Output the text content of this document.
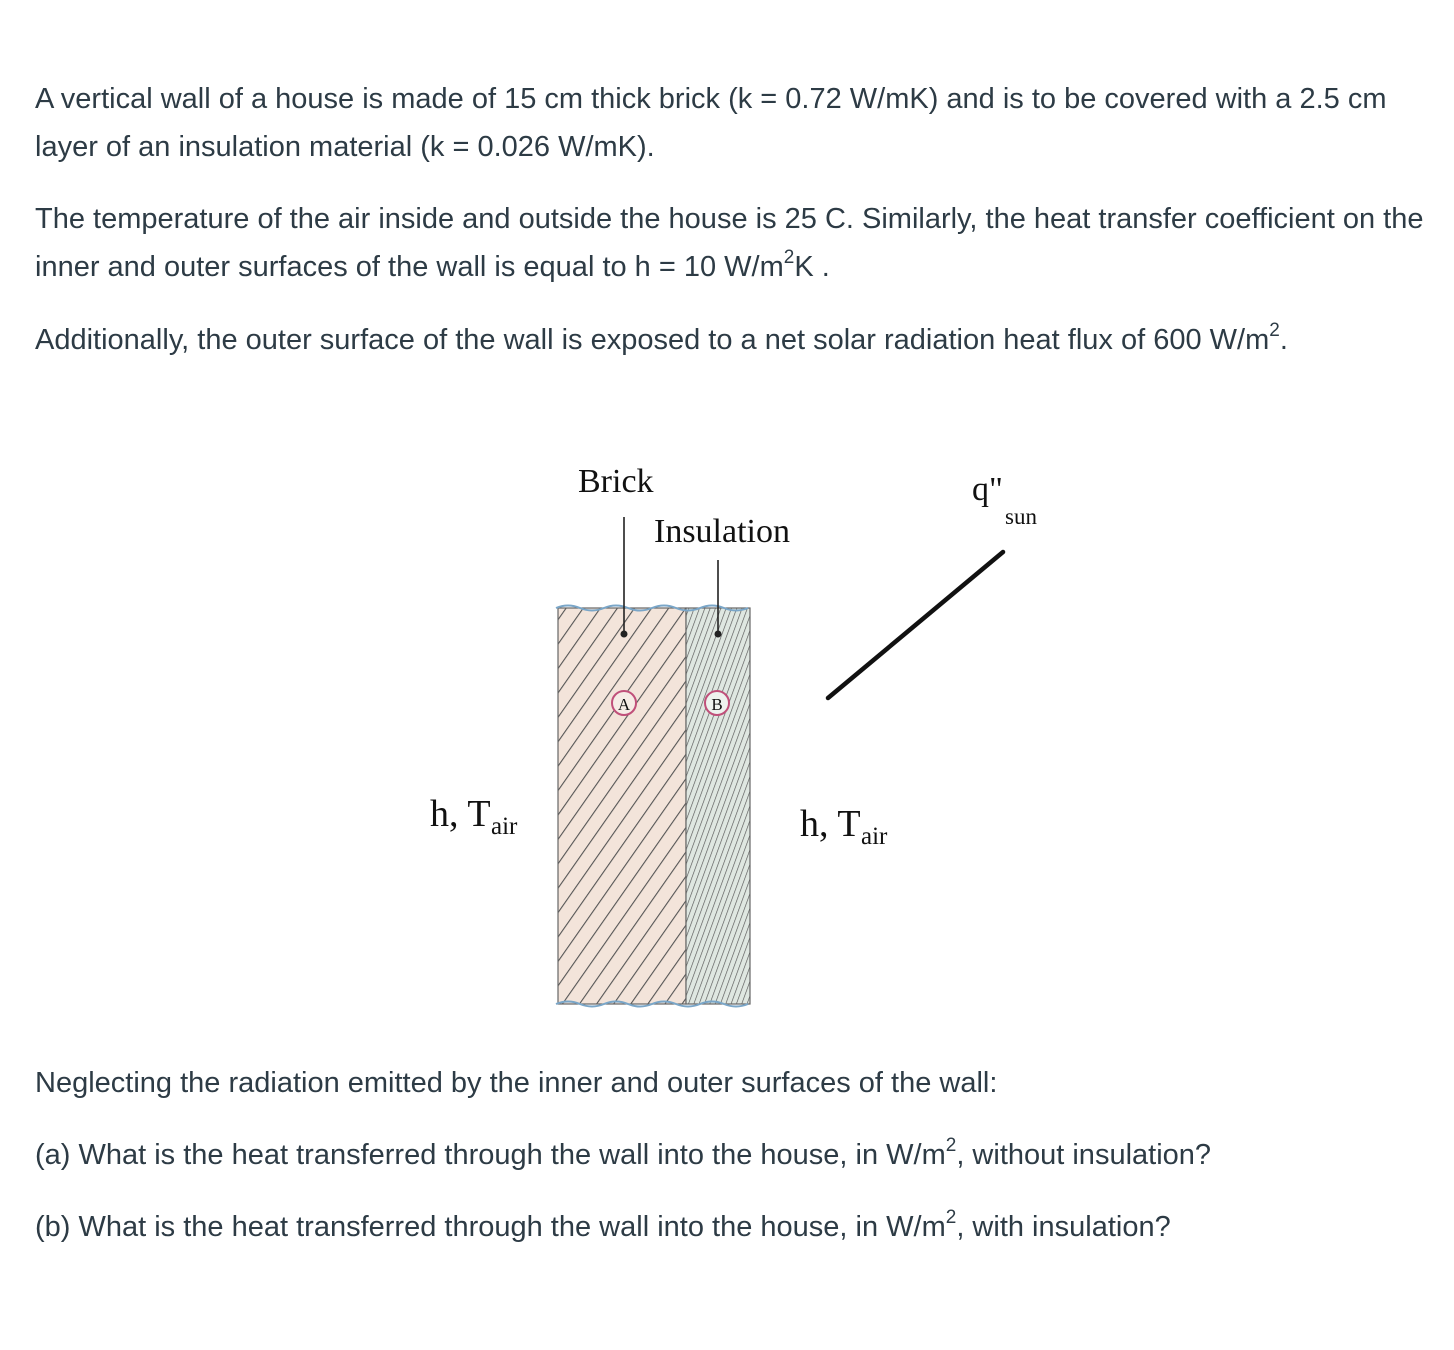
A vertical wall of a house is made of 15 cm thick brick (k = 0.72 W/mK) and is to be covered with a 2.5 cm layer of an insulation material (k = 0.026 W/mK).

The temperature of the air inside and outside the house is 25 C. Similarly, the heat transfer coefficient on the inner and outer surfaces of the wall is equal to h = 10 $W/m^2K$ .

Additionally, the outer surface of the wall is exposed to a net solar radiation heat flux of 600 $W/m^2$.

A	B
Brick
Insulation
q"
sun
h, T air	h, T air

Neglecting the radiation emitted by the inner and outer surfaces of the wall:

(a) What is the heat transferred through the wall into the house, in $W/m^2$, without insulation?

(b) What is the heat transferred through the wall into the house, in $W/m^2$, with insulation?
